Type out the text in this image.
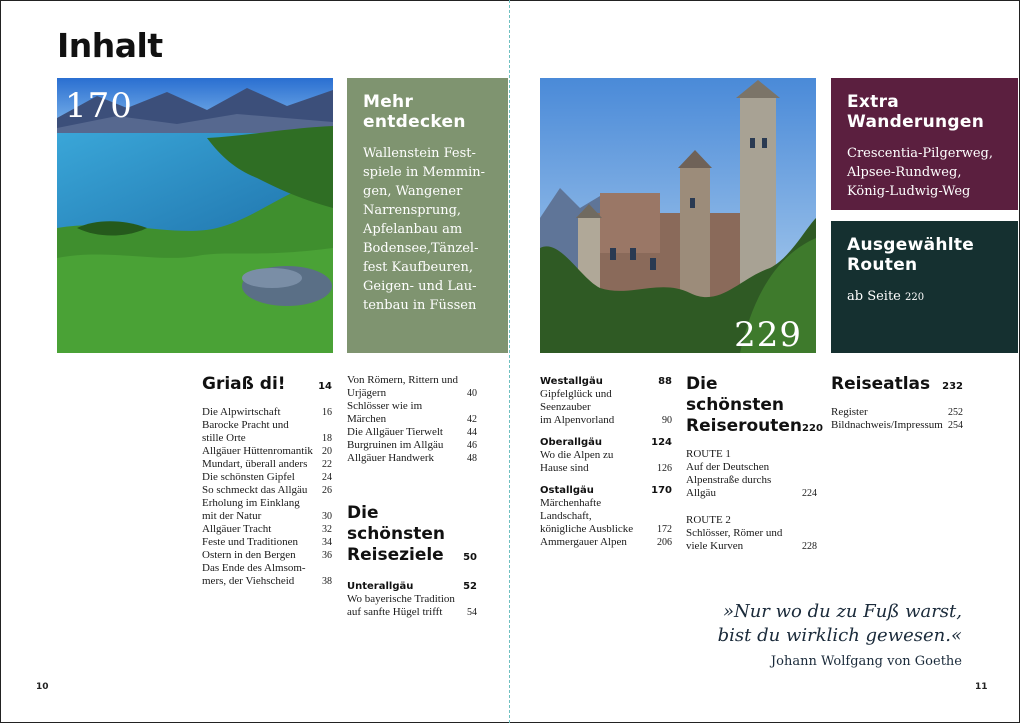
Inhalt
170	Mehr
entdecken

Wallenstein Fest-
spiele in Memmin-
gen, Wangener
Narrensprung,
Apfelanbau am
Bodensee,Tänzel-
fest Kaufbeuren,
Geigen- und Lau-
tenbau in Füssen

229
Extra
Wanderungen

Crescentia-Pilgerweg,
Alpsee-Rundweg,
König-Ludwig-Weg

Ausgewählte
Routen

ab Seite 220

Griaß di!	14
Die Alpwirtschaft	16
Barocke Pracht und
stille Orte	18
Allgäuer Hüttenromantik 20
Mundart, überall anders	22
Die schönsten Gipfel	24
So schmeckt das Allgäu	26
Erholung im Einklang
mit der Natur	30
Allgäuer Tracht	32
Feste und Traditionen	34
Ostern in den Bergen	36
Das Ende des Almsom-
mers, der Viehscheid	38
Von Römern, Rittern und
Urjägern	40
Schlösser wie im
Märchen	42
Die Allgäuer Tierwelt	44
Burgruinen im Allgäu	46
Allgäuer Handwerk	48
Die schönsten
Reiseziele 50
Unterallgäu	52
Wo bayerische Tradition
auf sanfte Hügel trifft	54
Westallgäu	88
Gipfelglück und Seenzauber
im Alpenvorland	90
Oberallgäu	124
Wo die Alpen zu
Hause sind	126
Ostallgäu	170
Märchenhafte Landschaft,
königliche Ausblicke	172
Ammergauer Alpen	206
Die schönsten
Reiserouten 220
ROUTE 1
Auf der Deutschen
Alpenstraße durchs
Allgäu	224
ROUTE 2
Schlösser, Römer und
viele Kurven	228
Reiseatlas 232
Register	252
Bildnachweis/Impressum 254
»Nur wo du zu Fuß warst,
bist du wirklich gewesen.«
Johann Wolfgang von Goethe
10	11
